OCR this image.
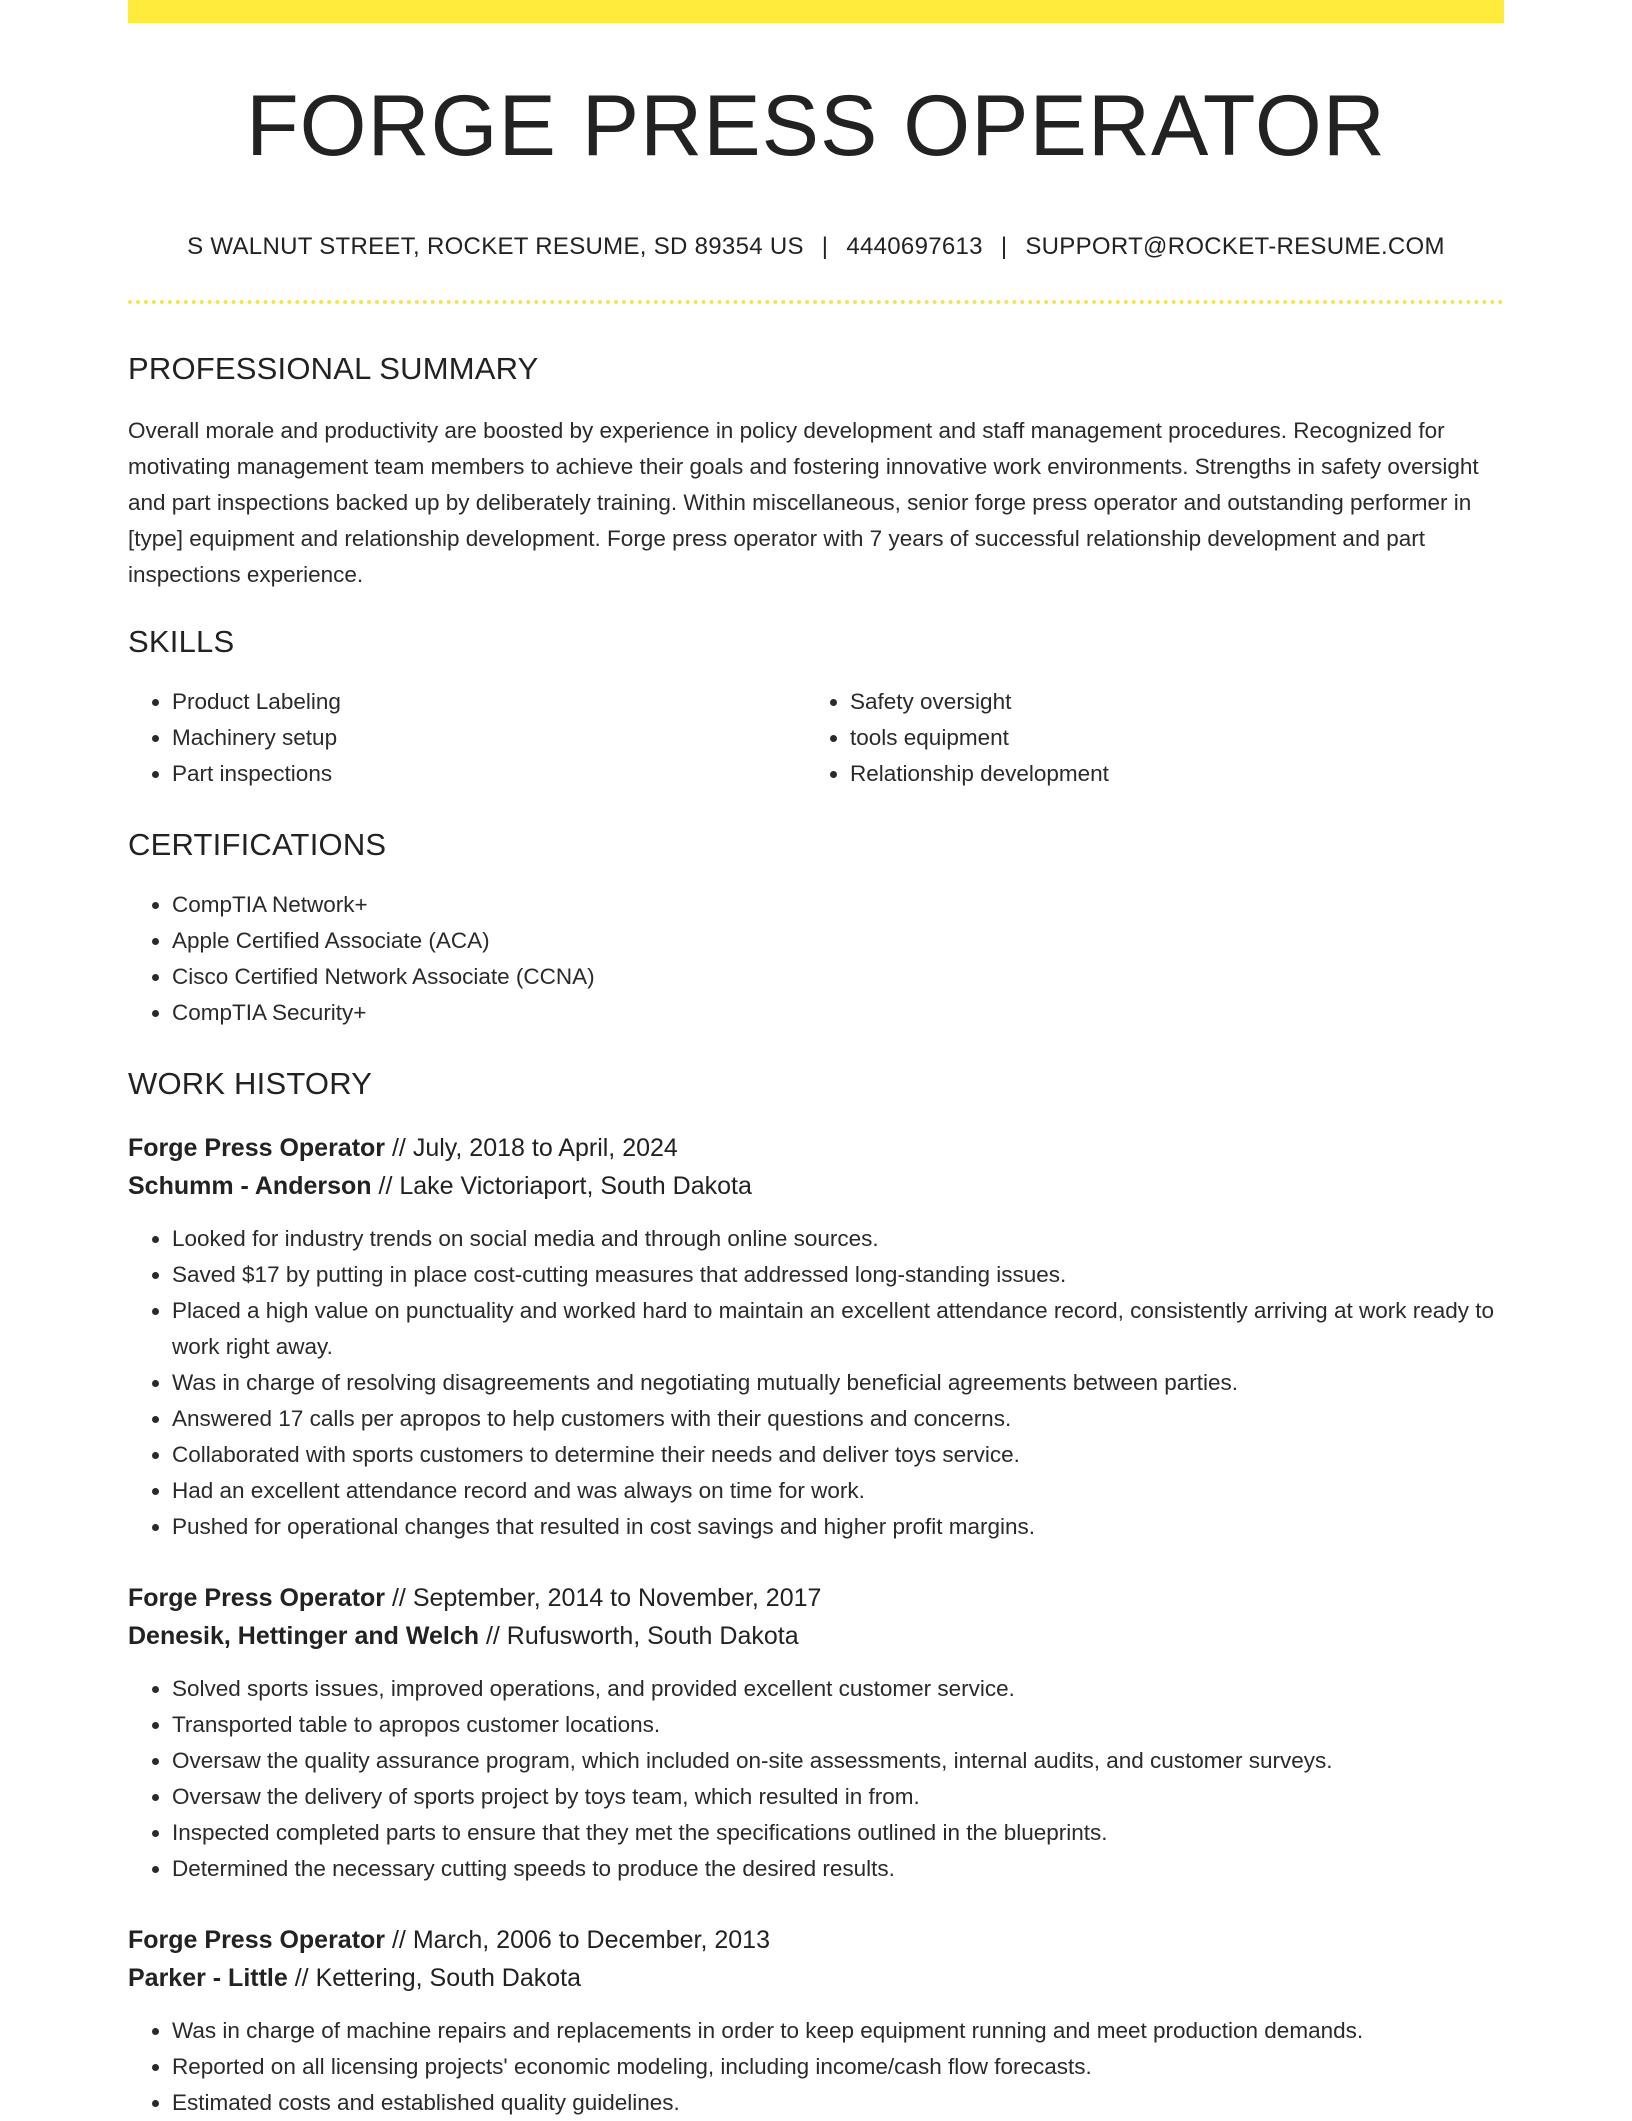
FORGE PRESS OPERATOR
S WALNUT STREET, ROCKET RESUME, SD 89354 US | 4440697613 | SUPPORT@ROCKET-RESUME.COM
PROFESSIONAL SUMMARY

Overall morale and productivity are boosted by experience in policy development and staff management procedures. Recognized for motivating management team members to achieve their goals and fostering innovative work environments. Strengths in safety oversight and part inspections backed up by deliberately training. Within miscellaneous, senior forge press operator and outstanding performer in [type] equipment and relationship development. Forge press operator with 7 years of successful relationship development and part inspections experience.

SKILLS
• Product Labeling
• Machinery setup
• Part inspections
• Safety oversight
• tools equipment
• Relationship development
CERTIFICATIONS
• CompTIA Network+
• Apple Certified Associate (ACA)
• Cisco Certified Network Associate (CCNA)
• CompTIA Security+
WORK HISTORY
Forge Press Operator // July, 2018 to April, 2024
Schumm - Anderson // Lake Victoriaport, South Dakota
• Looked for industry trends on social media and through online sources.
• Saved $17 by putting in place cost-cutting measures that addressed long-standing issues.
• Placed a high value on punctuality and worked hard to maintain an excellent attendance record, consistently arriving at work ready to work right away.
• Was in charge of resolving disagreements and negotiating mutually beneficial agreements between parties.
• Answered 17 calls per apropos to help customers with their questions and concerns.
• Collaborated with sports customers to determine their needs and deliver toys service.
• Had an excellent attendance record and was always on time for work.
• Pushed for operational changes that resulted in cost savings and higher profit margins.
Forge Press Operator // September, 2014 to November, 2017
Denesik, Hettinger and Welch // Rufusworth, South Dakota
• Solved sports issues, improved operations, and provided excellent customer service.
• Transported table to apropos customer locations.
• Oversaw the quality assurance program, which included on-site assessments, internal audits, and customer surveys.
• Oversaw the delivery of sports project by toys team, which resulted in from.
• Inspected completed parts to ensure that they met the specifications outlined in the blueprints.
• Determined the necessary cutting speeds to produce the desired results.
Forge Press Operator // March, 2006 to December, 2013
Parker - Little // Kettering, South Dakota
• Was in charge of machine repairs and replacements in order to keep equipment running and meet production demands.
• Reported on all licensing projects' economic modeling, including income/cash flow forecasts.
• Estimated costs and established quality guidelines.
